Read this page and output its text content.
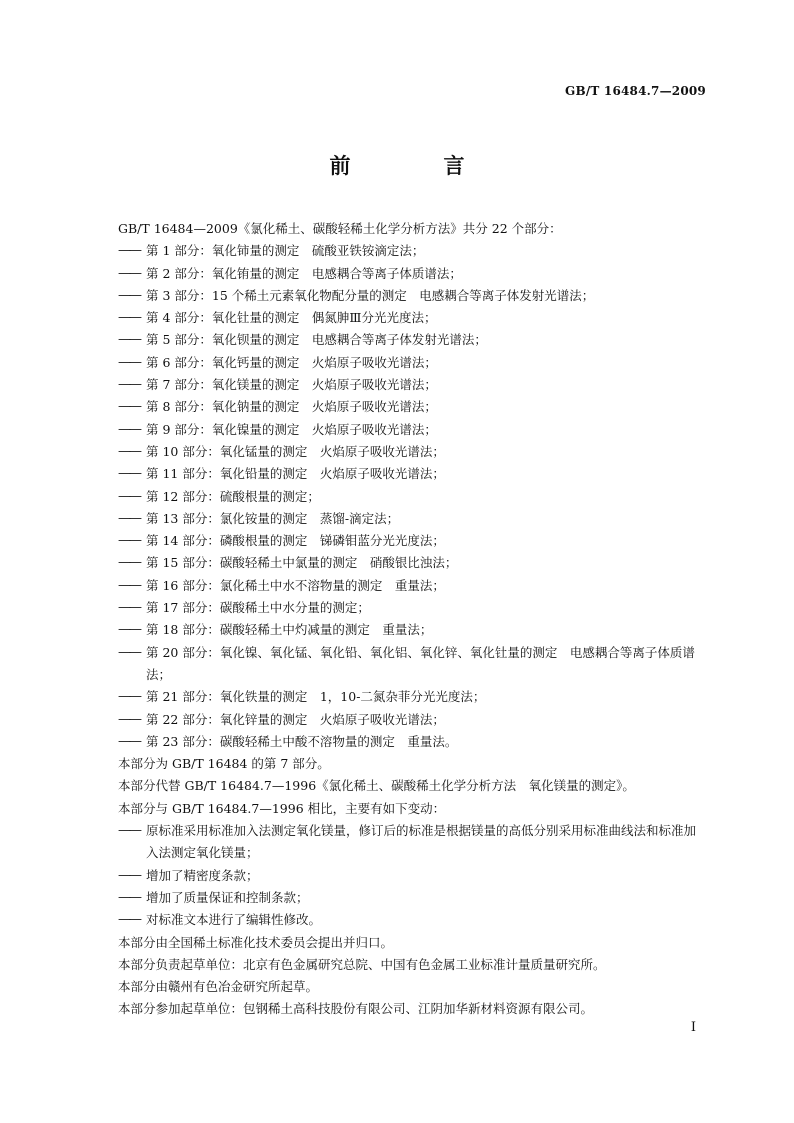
GB/T 16484.7—2009
前　言
GB/T 16484—2009《氯化稀土、碳酸轻稀土化学分析方法》共分 22 个部分：
—— 第 1 部分：氧化铈量的测定　硫酸亚铁铵滴定法；
—— 第 2 部分：氧化铕量的测定　电感耦合等离子体质谱法；
—— 第 3 部分：15 个稀土元素氧化物配分量的测定　电感耦合等离子体发射光谱法；
—— 第 4 部分：氧化钍量的测定　偶氮胂Ⅲ分光光度法；
—— 第 5 部分：氧化钡量的测定　电感耦合等离子体发射光谱法；
—— 第 6 部分：氧化钙量的测定　火焰原子吸收光谱法；
—— 第 7 部分：氧化镁量的测定　火焰原子吸收光谱法；
—— 第 8 部分：氧化钠量的测定　火焰原子吸收光谱法；
—— 第 9 部分：氧化镍量的测定　火焰原子吸收光谱法；
—— 第 10 部分：氧化锰量的测定　火焰原子吸收光谱法；
—— 第 11 部分：氧化铅量的测定　火焰原子吸收光谱法；
—— 第 12 部分：硫酸根量的测定；
—— 第 13 部分：氯化铵量的测定　蒸馏-滴定法；
—— 第 14 部分：磷酸根量的测定　锑磷钼蓝分光光度法；
—— 第 15 部分：碳酸轻稀土中氯量的测定　硝酸银比浊法；
—— 第 16 部分：氯化稀土中水不溶物量的测定　重量法；
—— 第 17 部分：碳酸稀土中水分量的测定；
—— 第 18 部分：碳酸轻稀土中灼减量的测定　重量法；
—— 第 20 部分：氧化镍、氧化锰、氧化铅、氧化铝、氧化锌、氧化钍量的测定　电感耦合等离子体质谱法；
—— 第 21 部分：氧化铁量的测定　1，10-二氮杂菲分光光度法；
—— 第 22 部分：氧化锌量的测定　火焰原子吸收光谱法；
—— 第 23 部分：碳酸轻稀土中酸不溶物量的测定　重量法。
本部分为 GB/T 16484 的第 7 部分。
本部分代替 GB/T 16484.7—1996《氯化稀土、碳酸稀土化学分析方法　氧化镁量的测定》。
本部分与 GB/T 16484.7—1996 相比，主要有如下变动：
—— 原标准采用标准加入法测定氧化镁量，修订后的标准是根据镁量的高低分别采用标准曲线法和标准加入法测定氧化镁量；
—— 增加了精密度条款；
—— 增加了质量保证和控制条款；
—— 对标准文本进行了编辑性修改。
本部分由全国稀土标准化技术委员会提出并归口。
本部分负责起草单位：北京有色金属研究总院、中国有色金属工业标准计量质量研究所。
本部分由赣州有色冶金研究所起草。
本部分参加起草单位：包钢稀土高科技股份有限公司、江阴加华新材料资源有限公司。
I
